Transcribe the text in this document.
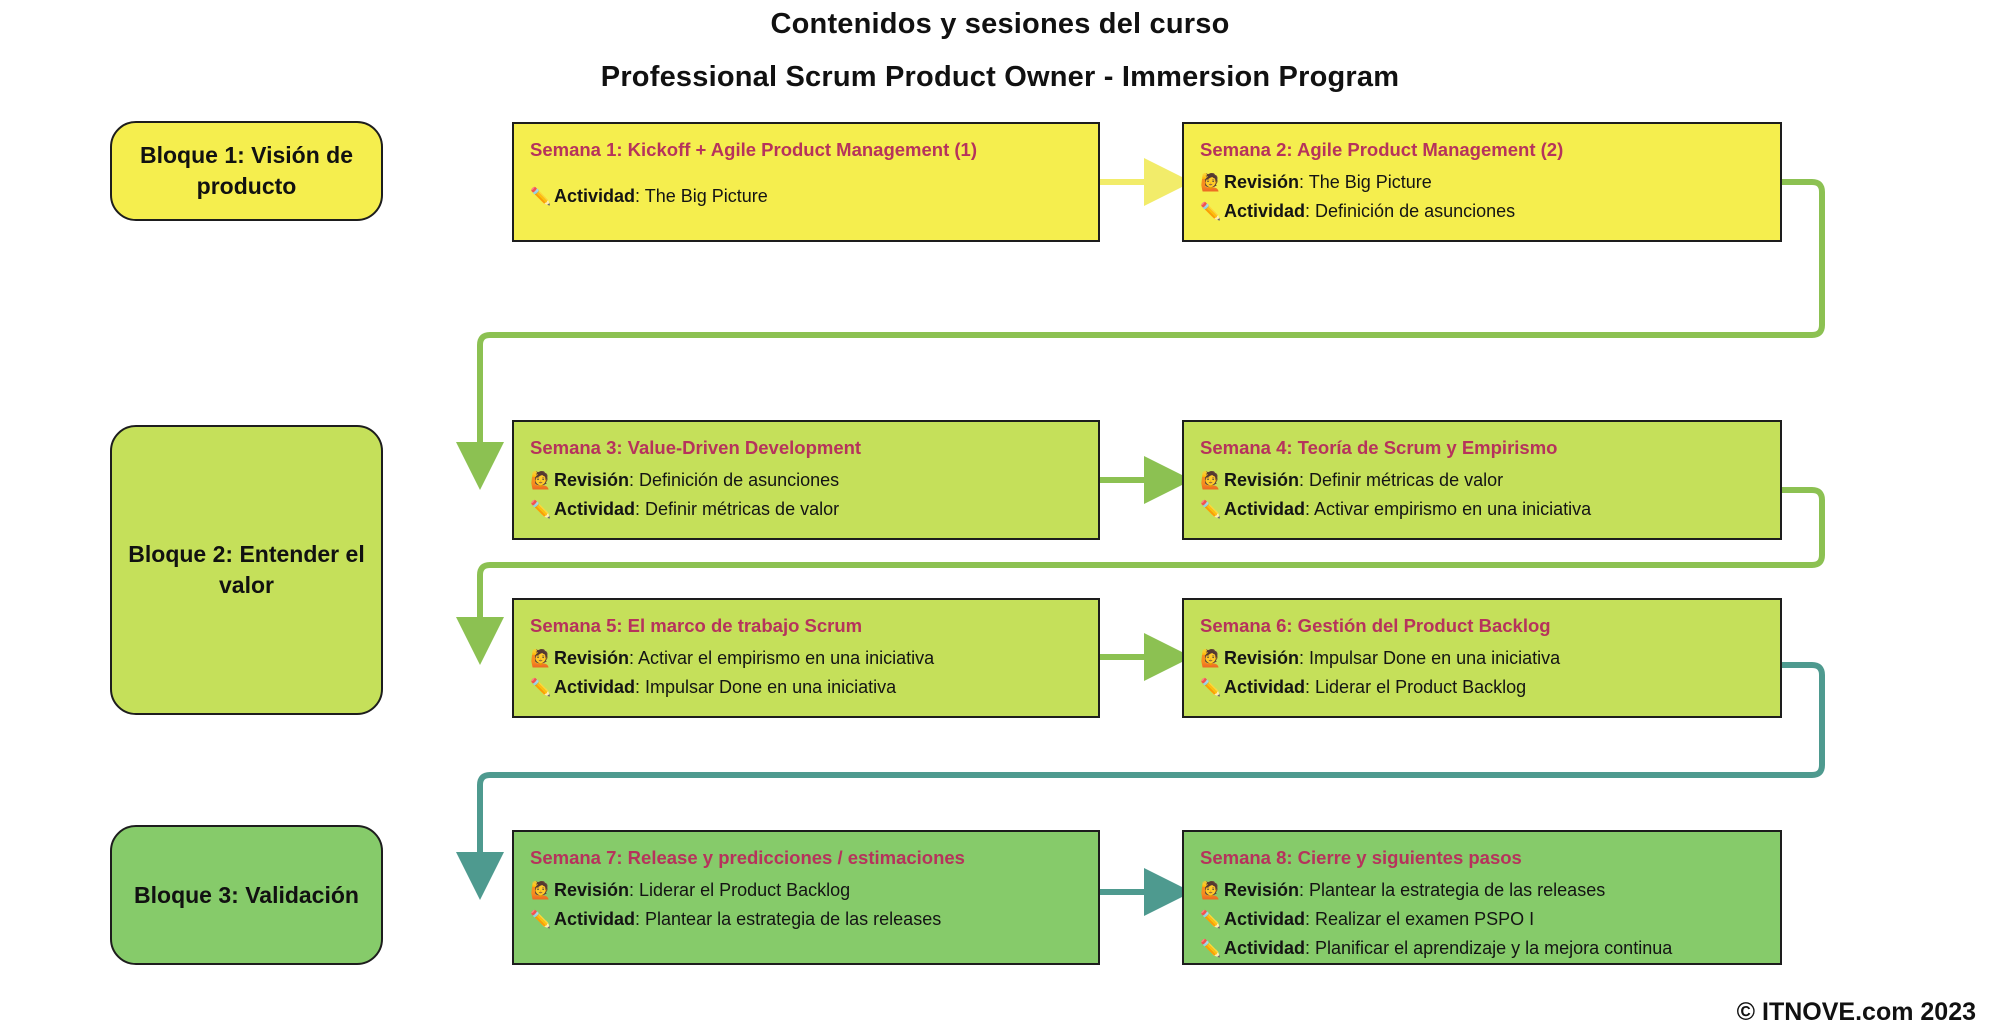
Contenidos y sesiones del curso
Professional Scrum Product Owner - Immersion Program
Bloque 1: Visión de producto
Bloque 2: Entender el valor
Bloque 3: Validación
Semana 1: Kickoff + Agile Product Management (1)
✏️ Actividad : The Big Picture
Semana 2: Agile Product Management (2)
🙋 Revisión : The Big Picture
✏️ Actividad : Definición de asunciones
Semana 3: Value-Driven Development
🙋 Revisión : Definición de asunciones
✏️ Actividad : Definir métricas de valor
Semana 4: Teoría de Scrum y Empirismo
🙋 Revisión : Definir métricas de valor
✏️ Actividad : Activar empirismo en una iniciativa
Semana 5: El marco de trabajo Scrum
🙋 Revisión : Activar el empirismo en una iniciativa
✏️ Actividad : Impulsar Done en una iniciativa
Semana 6: Gestión del Product Backlog
🙋 Revisión : Impulsar Done en una iniciativa
✏️ Actividad : Liderar el Product Backlog
Semana 7: Release y predicciones / estimaciones
🙋 Revisión : Liderar el Product Backlog
✏️ Actividad : Plantear la estrategia de las releases
Semana 8: Cierre y siguientes pasos
🙋 Revisión : Plantear la estrategia de las releases
✏️ Actividad : Realizar el examen PSPO I
✏️ Actividad : Planificar el aprendizaje y la mejora continua
© ITNOVE.com 2023
